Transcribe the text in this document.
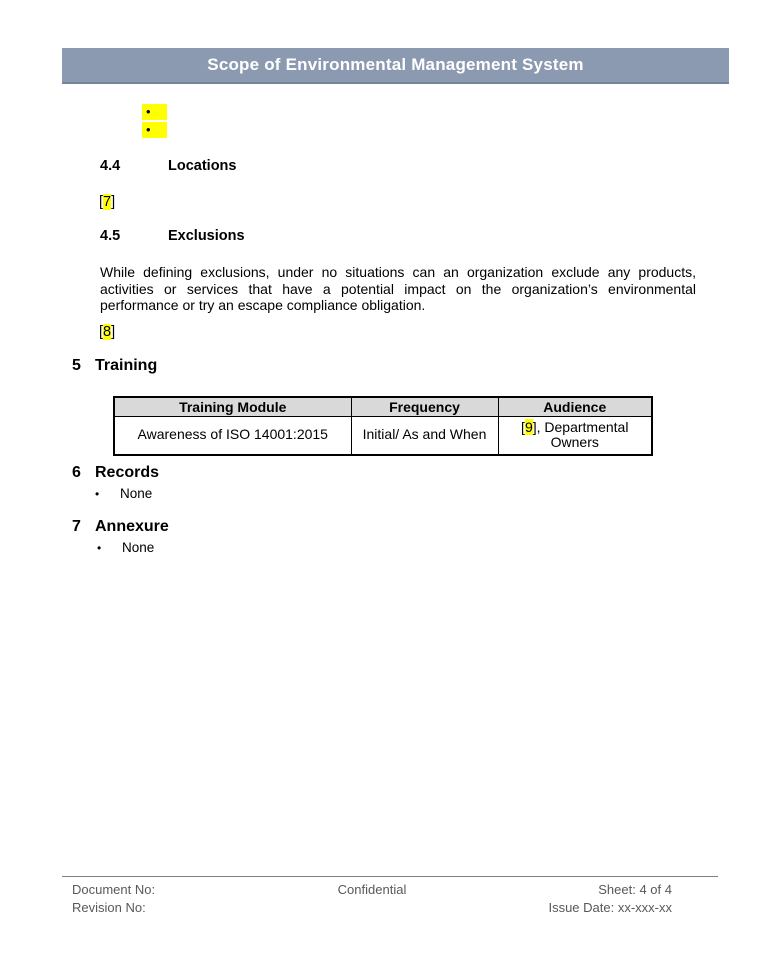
Scope of Environmental Management System
•
•
4.4	Locations
[7]
4.5	Exclusions

While defining exclusions, under no situations can an organization exclude any products, activities or services that have a potential impact on the organization’s environmental performance or try an escape compliance obligation.

[8]
5 Training
Training Module	Frequency	Audience
Awareness of ISO 14001:2015	Initial/ As and When	[9], Departmental Owners
6 Records
• None
7 Annexure
• None
Document No:
Revision No:
Confidential	Sheet: 4 of 4
Issue Date: xx-xxx-xx
